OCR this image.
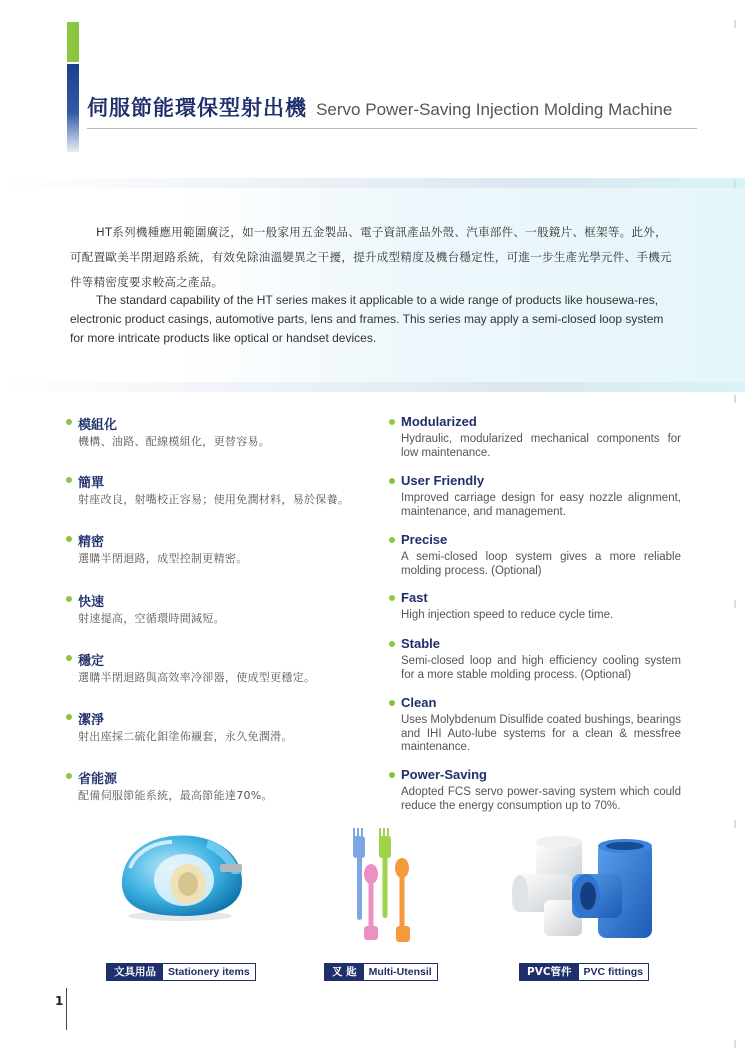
伺服節能環保型射出機 Servo Power-Saving Injection Molding Machine
HT系列機種應用範圍廣泛，如一般家用五金製品、電子資訊產品外殼、汽車部件、一般鏡片、框架等。此外，可配置歐美半閉迴路系統，有效免除油溫變異之干擾，提升成型精度及機台穩定性，可進一步生產光學元件、手機元件等精密度要求較高之產品。
The standard capability of the HT series makes it applicable to a wide range of products like housewa-res, electronic product casings, automotive parts, lens and frames. This series may apply a semi-closed loop system for more intricate products like optical or handset devices.
模組化
機構、油路、配線模組化，更替容易。
簡單
射座改良，射嘴校正容易；使用免潤材料，易於保養。
精密
選購半閉迴路，成型控制更精密。
快速
射速提高，空循環時間減短。
穩定
選購半閉迴路與高效率冷卻器，使成型更穩定。
潔淨
射出座採二硫化鉬塗佈襯套，永久免潤滑。
省能源
配備伺服節能系統，最高節能達70%。
Modularized
Hydraulic, modularized mechanical components for low maintenance.
User Friendly
Improved carriage design for easy nozzle alignment, maintenance, and management.
Precise
A semi-closed loop system gives a more reliable molding process. (Optional)
Fast
High injection speed to reduce cycle time.
Stable
Semi-closed loop and high efficiency cooling system for a more stable molding process. (Optional)
Clean
Uses Molybdenum Disulfide coated bushings, bearings and IHI Auto-lube systems for a clean & messfree maintenance.
Power-Saving
Adopted FCS servo power-saving system which could reduce the energy consumption up to 70%.
文具用品	Stationery items	叉 匙	Multi-Utensil	PVC管件	PVC fittings
1
